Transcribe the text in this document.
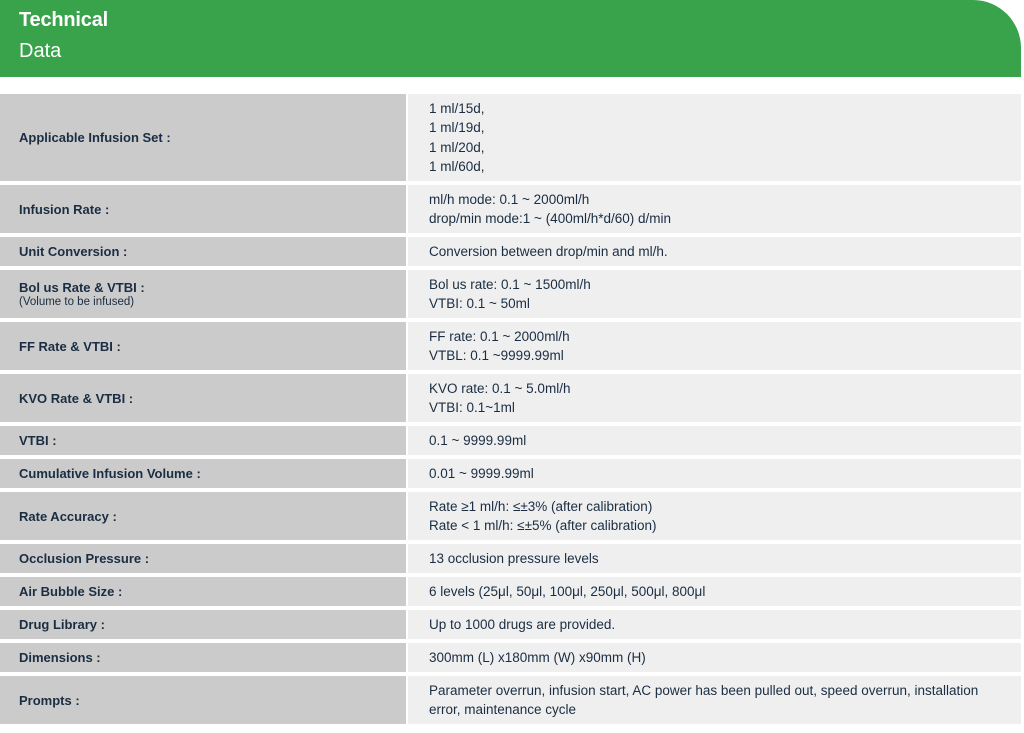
Technical
Data
Applicable Infusion Set :
1 ml/15d,
1 ml/19d,
1 ml/20d,
1 ml/60d,
Infusion Rate :
ml/h mode: 0.1 ~ 2000ml/h
drop/min mode:1 ~ (400ml/h*d/60) d/min
Unit Conversion :	Conversion between drop/min and ml/h.
Bol us Rate & VTBI :
(Volume to be infused)
Bol us rate: 0.1 ~ 1500ml/h
VTBI: 0.1 ~ 50ml
FF Rate & VTBI :
FF rate: 0.1 ~ 2000ml/h
VTBL: 0.1 ~9999.99ml
KVO Rate & VTBI :
KVO rate: 0.1 ~ 5.0ml/h
VTBI: 0.1~1ml
VTBI :	0.1 ~ 9999.99ml
Cumulative Infusion Volume :	0.01 ~ 9999.99ml
Rate Accuracy :
Rate ≥1 ml/h: ≤±3% (after calibration)
Rate < 1 ml/h: ≤±5% (after calibration)
Occlusion Pressure :	13 occlusion pressure levels
Air Bubble Size :	6 levels (25μl, 50μl, 100μl, 250μl, 500μl, 800μl
Drug Library :	Up to 1000 drugs are provided.
Dimensions :	300mm (L) x180mm (W) x90mm (H)
Prompts :
Parameter overrun, infusion start, AC power has been pulled out, speed overrun, installation
error, maintenance cycle
